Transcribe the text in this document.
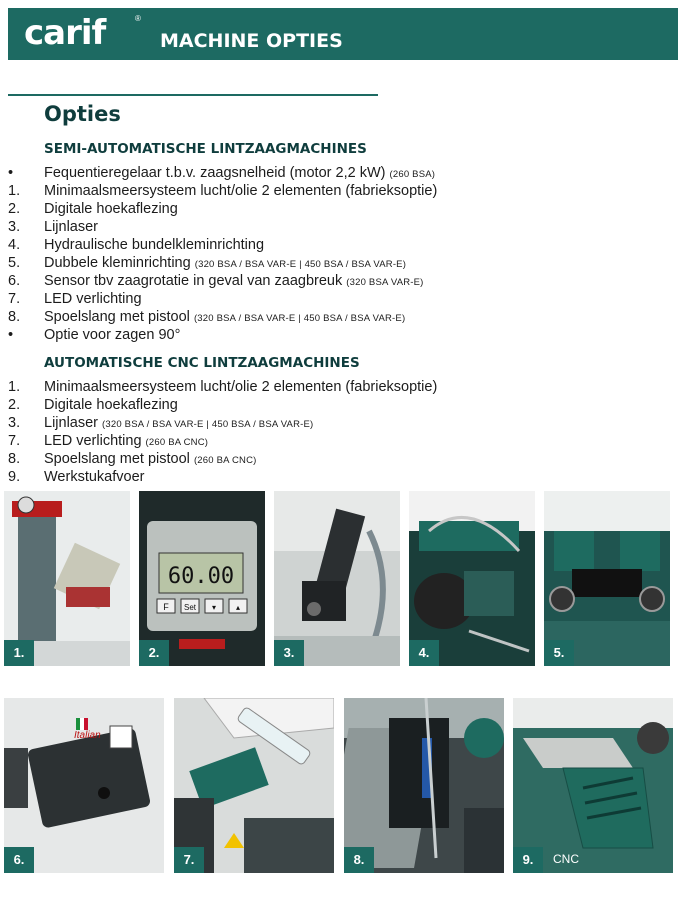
carif	®
MACHINE OPTIES
Opties
SEMI-AUTOMATISCHE LINTZAAGMACHINES
• Fequentieregelaar t.b.v. zaagsnelheid (motor 2,2 kW) (260 BSA)
1. Minimaalsmeersysteem lucht/olie 2 elementen (fabrieksoptie)
2. Digitale hoekaflezing
3. Lijnlaser
4. Hydraulische bundelkleminrichting
5. Dubbele kleminrichting (320 BSA / BSA VAR-E | 450 BSA / BSA VAR-E)
6. Sensor tbv zaagrotatie in geval van zaagbreuk (320 BSA VAR-E)
7. LED verlichting
8. Spoelslang met pistool (320 BSA / BSA VAR-E | 450 BSA / BSA VAR-E)
• Optie voor zagen 90°
AUTOMATISCHE CNC LINTZAAGMACHINES
1. Minimaalsmeersysteem lucht/olie 2 elementen (fabrieksoptie)
2. Digitale hoekaflezing
3. Lijnlaser (320 BSA / BSA VAR-E | 450 BSA / BSA VAR-E)
7. LED verlichting (260 BA CNC)
8. Spoelslang met pistool (260 BA CNC)
9. Werkstukafvoer
1.
60.00
F Set ▾ ▴
2.	3.	4.	5.
Italian
6.	7.	8.	CNC
9.
